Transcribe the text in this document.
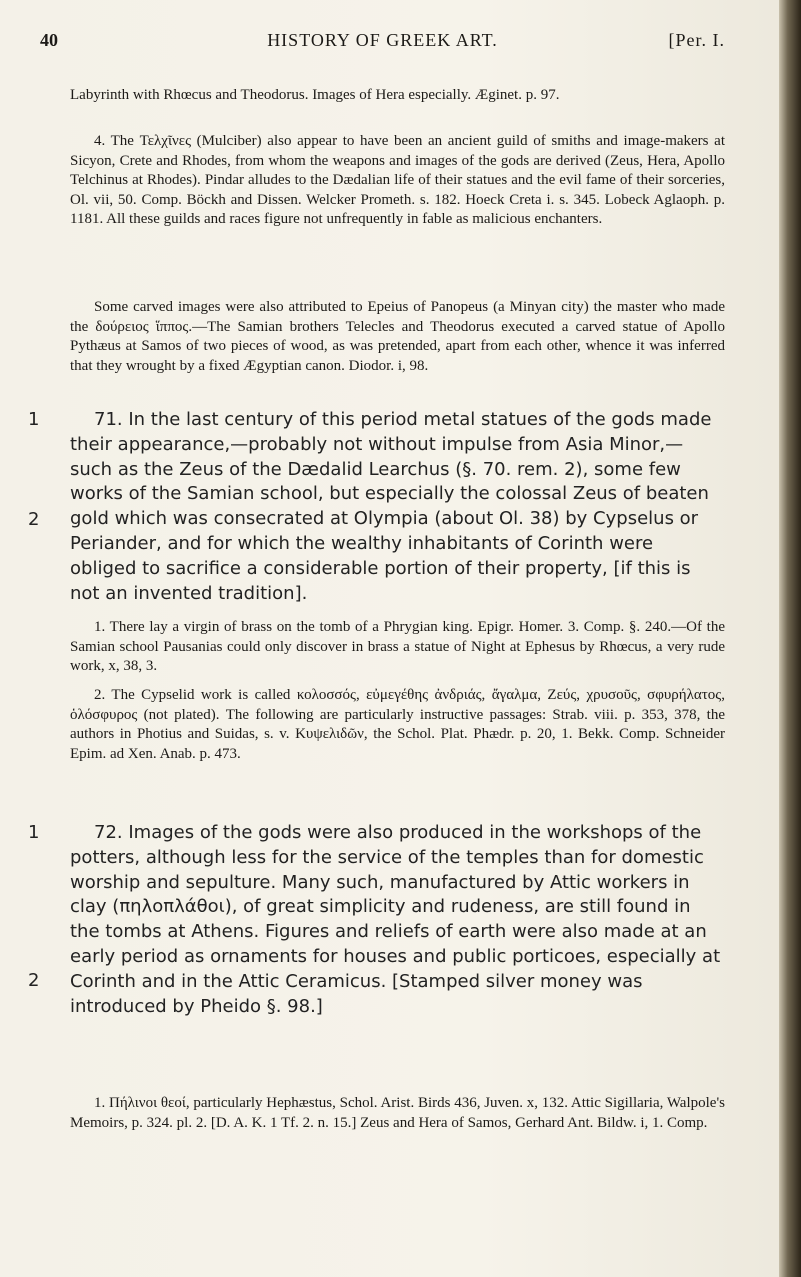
40	HISTORY OF GREEK ART.	[Per. I.
Labyrinth with Rhœcus and Theodorus. Images of Hera especially. Æginet. p. 97.
4. The Τελχῖνες (Mulciber) also appear to have been an ancient guild of smiths and image-makers at Sicyon, Crete and Rhodes, from whom the weapons and images of the gods are derived (Zeus, Hera, Apollo Telchinus at Rhodes). Pindar alludes to the Dædalian life of their statues and the evil fame of their sorceries, Ol. vii, 50. Comp. Böckh and Dissen. Welcker Prometh. s. 182. Hoeck Creta i. s. 345. Lobeck Aglaoph. p. 1181. All these guilds and races figure not unfrequently in fable as malicious enchanters.
Some carved images were also attributed to Epeius of Panopeus (a Minyan city) the master who made the δούρειος ἵππος.—The Samian brothers Telecles and Theodorus executed a carved statue of Apollo Pythæus at Samos of two pieces of wood, as was pretended, apart from each other, whence it was inferred that they wrought by a fixed Ægyptian canon. Diodor. i, 98.
1
2
71. In the last century of this period metal statues of the gods made their appearance,—probably not without impulse from Asia Minor,—such as the Zeus of the Dædalid Learchus (§. 70. rem. 2), some few works of the Samian school, but especially the colossal Zeus of beaten gold which was consecrated at Olympia (about Ol. 38) by Cypselus or Periander, and for which the wealthy inhabitants of Corinth were obliged to sacrifice a considerable portion of their property, [if this is not an invented tradition].
1. There lay a virgin of brass on the tomb of a Phrygian king. Epigr. Homer. 3. Comp. §. 240.—Of the Samian school Pausanias could only discover in brass a statue of Night at Ephesus by Rhœcus, a very rude work, x, 38, 3.
2. The Cypselid work is called κολοσσός, εὐμεγέθης ἀνδριάς, ἄγαλμα, Ζεύς, χρυσοῦς, σφυρήλατος, ὁλόσφυρος (not plated). The following are particularly instructive passages: Strab. viii. p. 353, 378, the authors in Photius and Suidas, s. v. Κυψελιδῶν, the Schol. Plat. Phædr. p. 20, 1. Bekk. Comp. Schneider Epim. ad Xen. Anab. p. 473.
1
2
72. Images of the gods were also produced in the workshops of the potters, although less for the service of the temples than for domestic worship and sepulture. Many such, manufactured by Attic workers in clay (πηλοπλάθοι), of great simplicity and rudeness, are still found in the tombs at Athens. Figures and reliefs of earth were also made at an early period as ornaments for houses and public porticoes, especially at Corinth and in the Attic Ceramicus. [Stamped silver money was introduced by Pheido §. 98.]
1. Πήλινοι θεοί, particularly Hephæstus, Schol. Arist. Birds 436, Juven. x, 132. Attic Sigillaria, Walpole's Memoirs, p. 324. pl. 2. [D. A. K. 1 Tf. 2. n. 15.] Zeus and Hera of Samos, Gerhard Ant. Bildw. i, 1. Comp.
